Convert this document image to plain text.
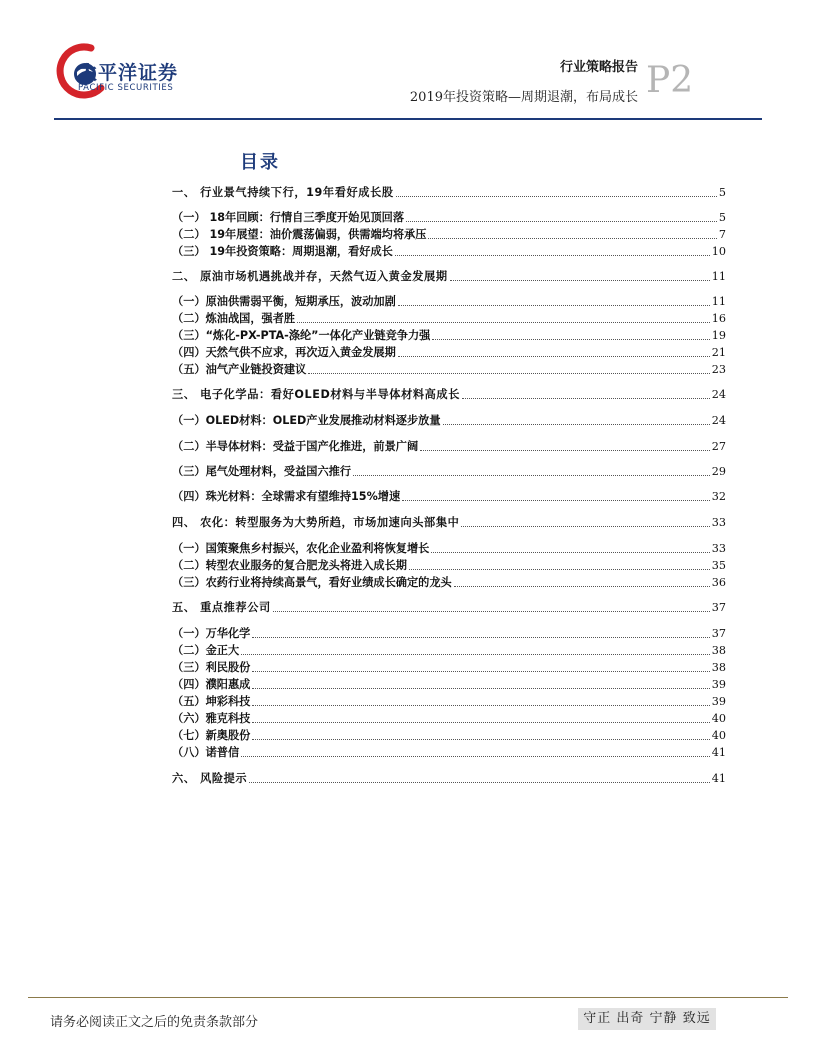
太平洋证券
PACIFIC SECURITIES
行业策略报告
2019年投资策略—周期退潮，布局成长 P2
目录
一、 行业景气持续下行，19年看好成长股	5
（一） 18年回顾：行情自三季度开始见顶回落	5
（二） 19年展望：油价震荡偏弱，供需端均将承压	7
（三） 19年投资策略：周期退潮，看好成长	10
二、 原油市场机遇挑战并存，天然气迈入黄金发展期	11
（一）原油供需弱平衡，短期承压，波动加剧	11
（二）炼油战国，强者胜	16
（三）“炼化-PX-PTA-涤纶”一体化产业链竞争力强	19
（四）天然气供不应求，再次迈入黄金发展期	21
（五）油气产业链投资建议	23
三、 电子化学品：看好OLED材料与半导体材料高成长	24
（一）OLED材料：OLED产业发展推动材料逐步放量	24
（二）半导体材料：受益于国产化推进，前景广阔	27
（三）尾气处理材料，受益国六推行	29
（四）珠光材料：全球需求有望维持15%增速	32
四、 农化：转型服务为大势所趋，市场加速向头部集中	33
（一）国策聚焦乡村振兴，农化企业盈利将恢复增长	33
（二）转型农业服务的复合肥龙头将进入成长期	35
（三）农药行业将持续高景气，看好业绩成长确定的龙头	36
五、 重点推荐公司	37
（一）万华化学	37
（二）金正大	38
（三）利民股份	38
（四）濮阳惠成	39
（五）坤彩科技	39
（六）雅克科技	40
（七）新奥股份	40
（八）诺普信	41
六、 风险提示	41
请务必阅读正文之后的免责条款部分	守正 出奇 宁静 致远
